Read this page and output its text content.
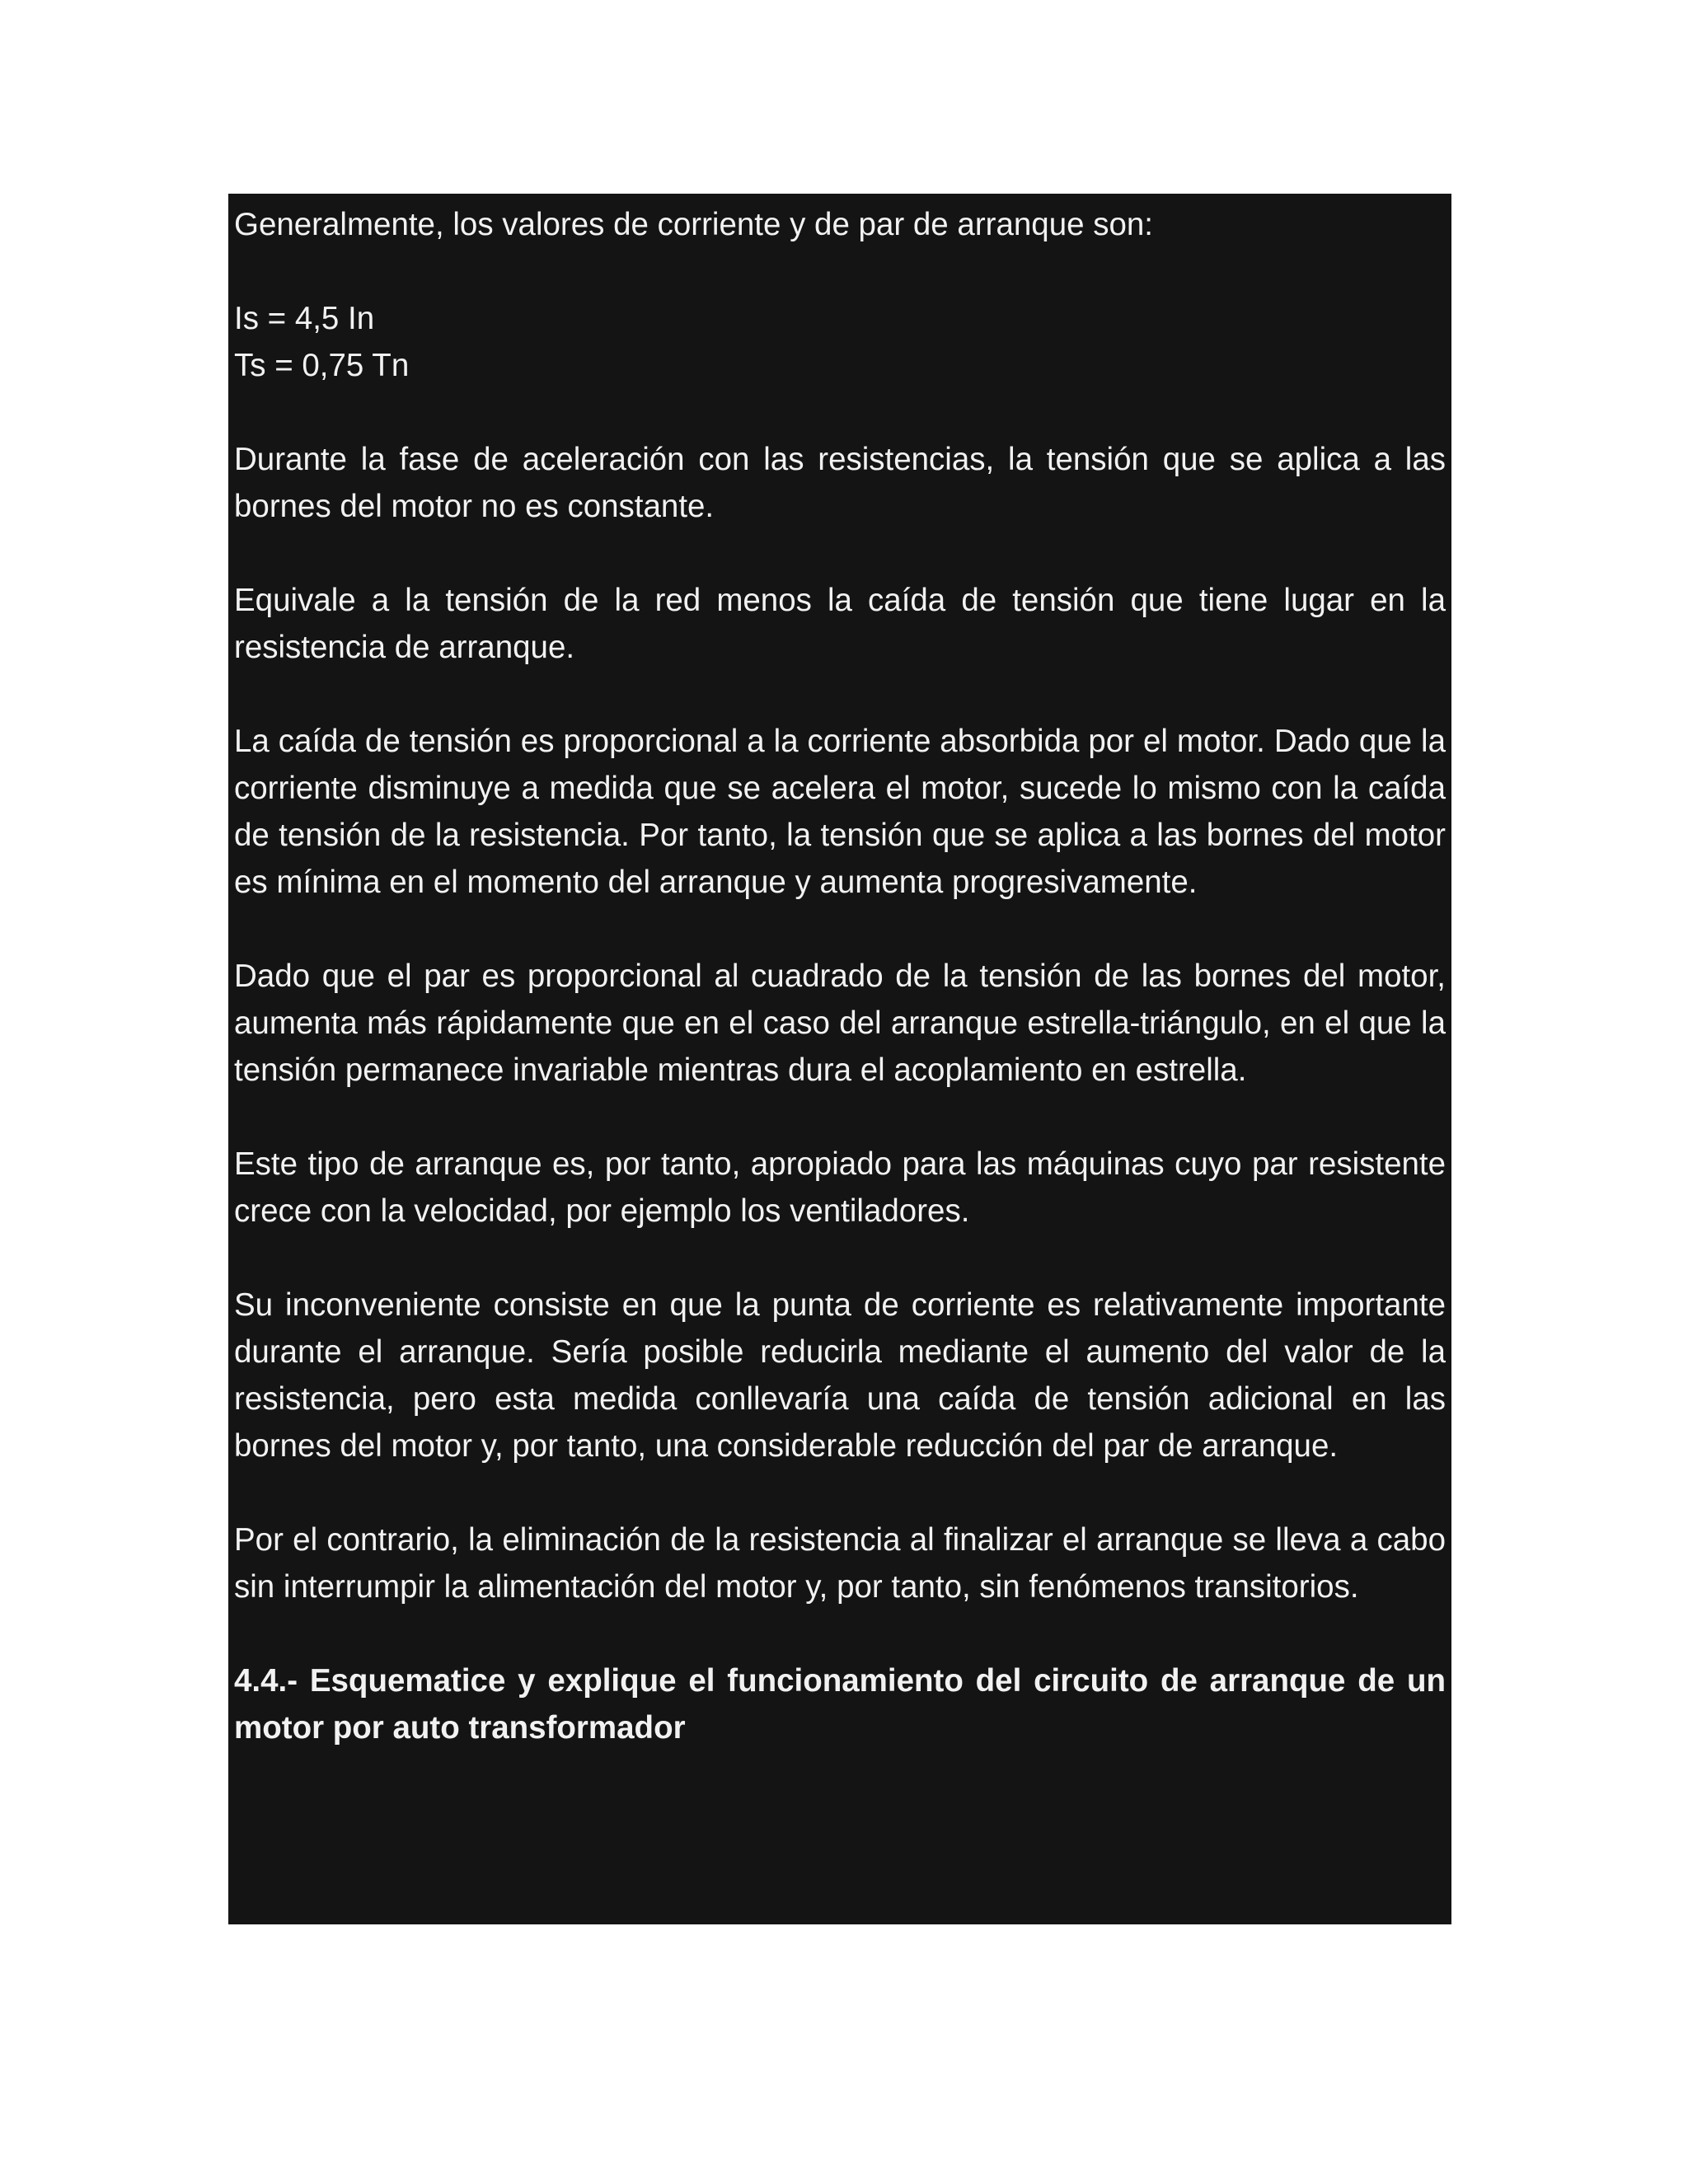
Generalmente, los valores de corriente y de par de arranque son:

Is = 4,5 In
Ts = 0,75 Tn

Durante la fase de aceleración con las resistencias, la tensión que se aplica a las bornes del motor no es constante.

Equivale a la tensión de la red menos la caída de tensión que tiene lugar en la resistencia de arranque.

La caída de tensión es proporcional a la corriente absorbida por el motor. Dado que la corriente disminuye a medida que se acelera el motor, sucede lo mismo con la caída de tensión de la resistencia. Por tanto, la tensión que se aplica a las bornes del motor es mínima en el momento del arranque y aumenta progresivamente.

Dado que el par es proporcional al cuadrado de la tensión de las bornes del motor, aumenta más rápidamente que en el caso del arranque estrella-triángulo, en el que la tensión permanece invariable mientras dura el acoplamiento en estrella.

Este tipo de arranque es, por tanto, apropiado para las máquinas cuyo par resistente crece con la velocidad, por ejemplo los ventiladores.

Su inconveniente consiste en que la punta de corriente es relativamente importante durante el arranque. Sería posible reducirla mediante el aumento del valor de la resistencia, pero esta medida conllevaría una caída de tensión adicional en las bornes del motor y, por tanto, una considerable reducción del par de arranque.

Por el contrario, la eliminación de la resistencia al finalizar el arranque se lleva a cabo sin interrumpir la alimentación del motor y, por tanto, sin fenómenos transitorios.

4.4.- Esquematice y explique el funcionamiento del circuito de arranque de un motor por auto transformador
